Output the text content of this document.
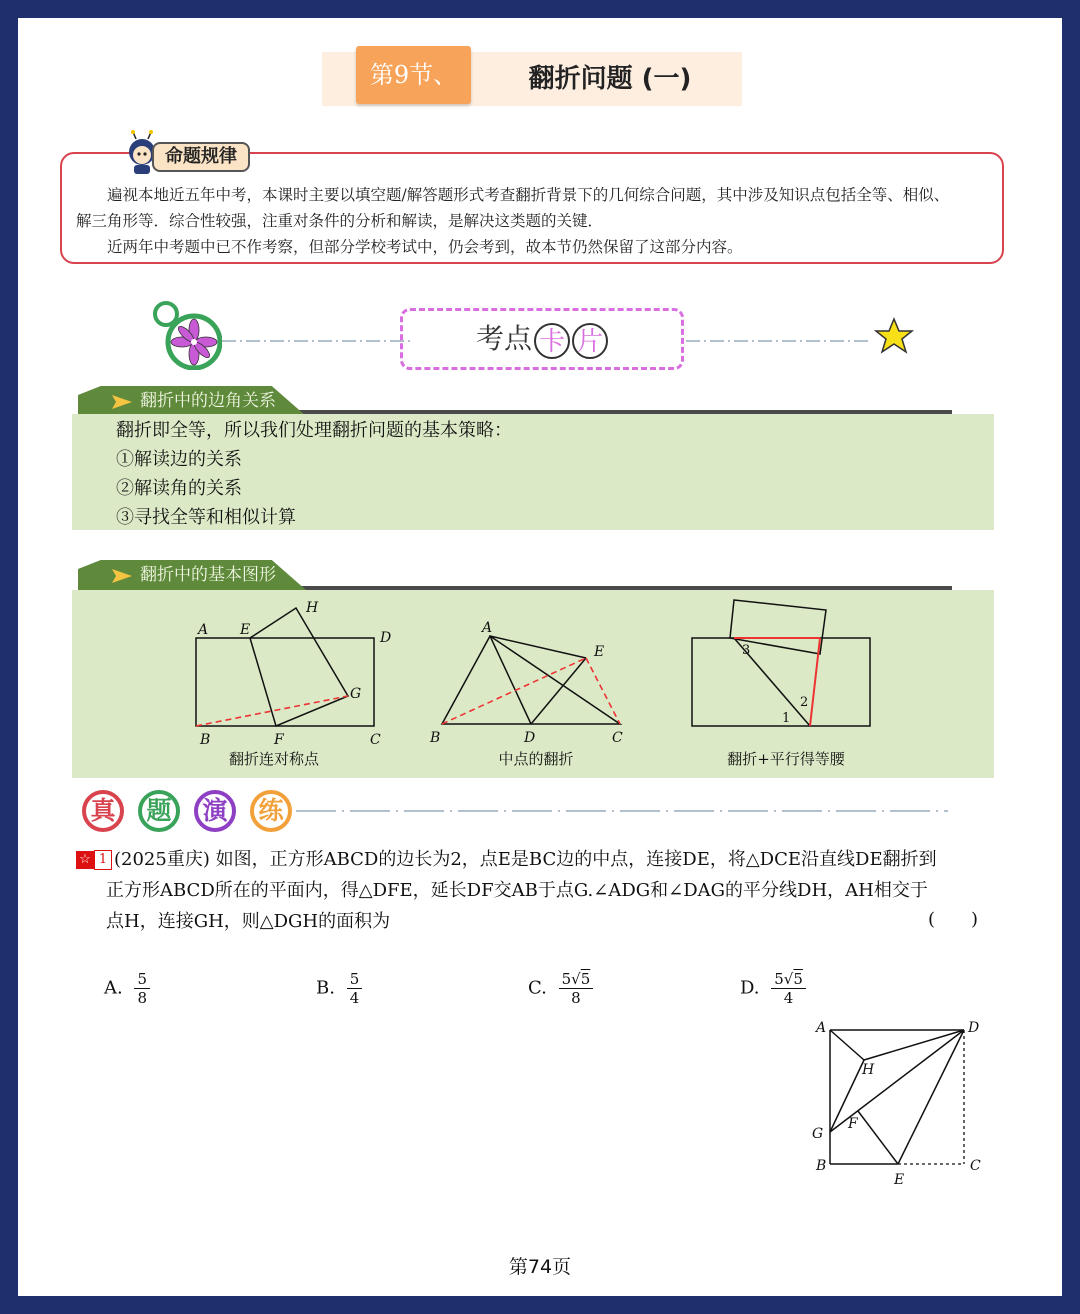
第9节、	翻折问题 (一)
命题规律

遍视本地近五年中考，本课时主要以填空题/解答题形式考查翻折背景下的几何综合问题，其中涉及知识点包括全等、相似、

解三角形等．综合性较强，注重对条件的分析和解读，是解决这类题的关键．

近两年中考题中已不作考察，但部分学校考试中，仍会考到，故本节仍然保留了这部分内容。

考点 卡 片
翻折中的边角关系
翻折即全等，所以我们处理翻折问题的基本策略：
①解读边的关系
②解读角的关系
③寻找全等和相似计算
翻折中的基本图形
A E
H
D
G
B	F	C
翻折连对称点
A
E
B	D	C
中点的翻折
3
2
1
翻折+平行得等腰
真	题	演	练

☆ 1 (2025重庆) 如图，正方形ABCD的边长为2，点E是BC边的中点，连接DE，将△DCE沿直线DE翻折到

正方形ABCD所在的平面内，得△DFE，延长DF交AB于点G.∠ADG和∠DAG的平分线DH，AH相交于

点H，连接GH，则△DGH的面积为	(　　)
A. $\frac{5}{8}$	B. $\frac{5}{4}$	C. $\frac{5√5}{8}$	D. $\frac{5√5}{4}$
A	D
H
G
F
B
E
C
第74页
